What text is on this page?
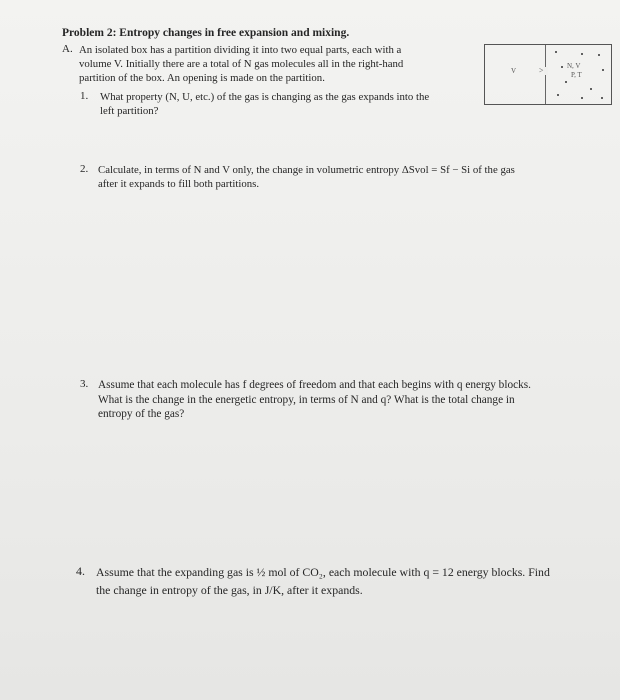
Problem 2: Entropy changes in free expansion and mixing.
A. An isolated box has a partition dividing it into two equal parts, each with a
volume V. Initially there are a total of N gas molecules all in the right-hand
partition of the box. An opening is made on the partition.
V	>	N, V
P, T
1. What property (N, U, etc.) of the gas is changing as the gas expands into the
left partition?
2. Calculate, in terms of N and V only, the change in volumetric entropy ΔSvol = Sf − Si of the gas
after it expands to fill both partitions.
3. Assume that each molecule has f degrees of freedom and that each begins with q energy blocks.
What is the change in the energetic entropy, in terms of N and q? What is the total change in
entropy of the gas?
4. Assume that the expanding gas is ½ mol of CO₂, each molecule with q = 12 energy blocks. Find
the change in entropy of the gas, in J/K, after it expands.
